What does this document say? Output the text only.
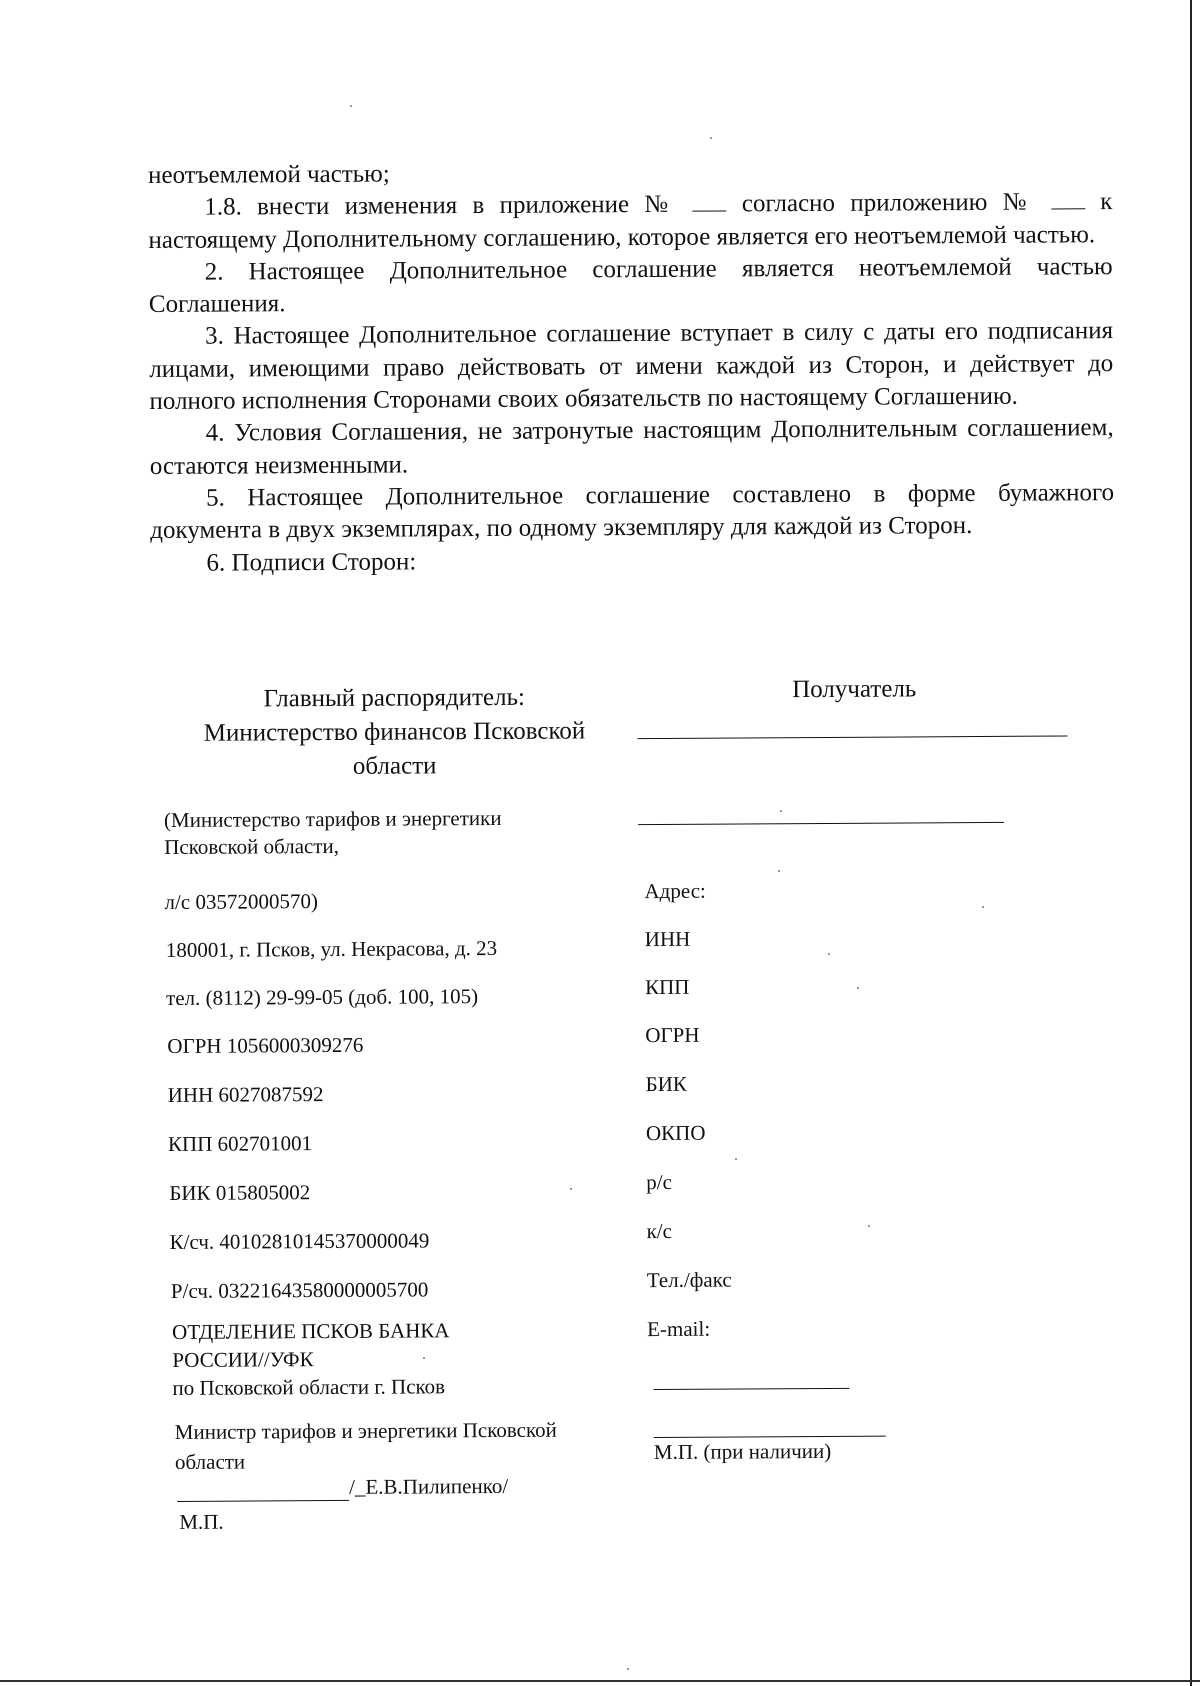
неотъемлемой частью;

1.8. внести изменения в приложение №	согласно приложению №	к настоящему Дополнительному соглашению, которое является его неотъемлемой частью.

2. Настоящее Дополнительное соглашение является неотъемлемой частью Соглашения.

3. Настоящее Дополнительное соглашение вступает в силу с даты его подписания лицами, имеющими право действовать от имени каждой из Сторон, и действует до полного исполнения Сторонами своих обязательств по настоящему Соглашению.

4. Условия Соглашения, не затронутые настоящим Дополнительным соглашением, остаются неизменными.

5. Настоящее Дополнительное соглашение составлено в форме бумажного документа в двух экземплярах, по одному экземпляру для каждой из Сторон.

6. Подписи Сторон:

Главный распорядитель:
Министерство финансов Псковской
области
Получатель
(Министерство тарифов и энергетики
Псковской области,
л/с 03572000570)
180001, г. Псков, ул. Некрасова, д. 23
тел. (8112) 29-99-05 (доб. 100, 105)
ОГРН 1056000309276
ИНН 6027087592
КПП 602701001
БИК 015805002
К/сч. 40102810145370000049
Р/сч. 03221643580000005700
ОТДЕЛЕНИЕ ПСКОВ БАНКА
РОССИИ//УФК
по Псковской области г. Псков
Министр тарифов и энергетики Псковской
области
/_Е.В.Пилипенко/
М.П.
Адрес:
ИНН
КПП
ОГРН
БИК
ОКПО
р/с
к/с
Тел./факс
E-mail:
М.П. (при наличии)
